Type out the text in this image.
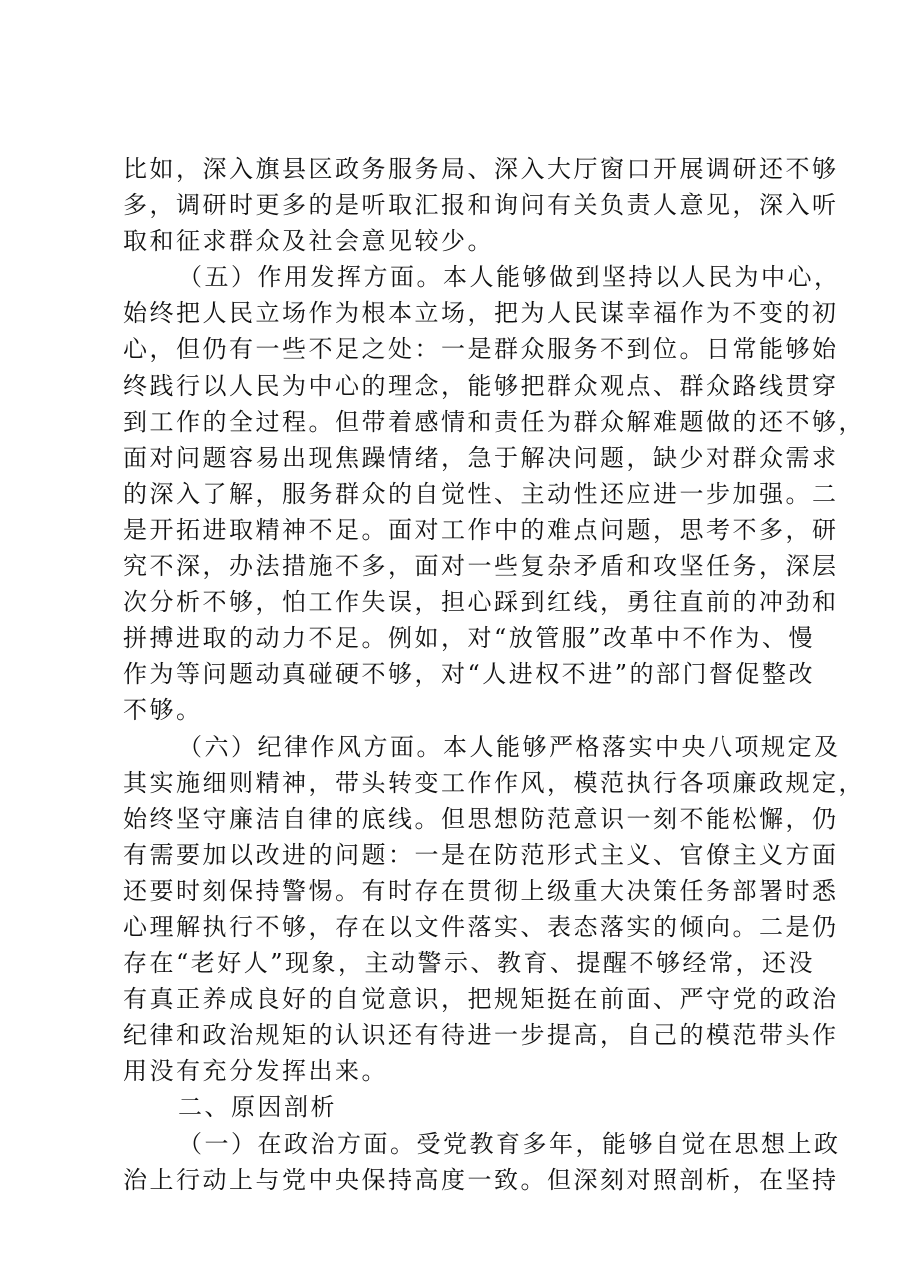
比如，深入旗县区政务服务局、深入大厅窗口开展调研还不够
多，调研时更多的是听取汇报和询问有关负责人意见，深入听
取和征求群众及社会意见较少。
（五）作用发挥方面。本人能够做到坚持以人民为中心，
始终把人民立场作为根本立场，把为人民谋幸福作为不变的初
心，但仍有一些不足之处：一是群众服务不到位。日常能够始
终践行以人民为中心的理念，能够把群众观点、群众路线贯穿
到工作的全过程。但带着感情和责任为群众解难题做的还不够，
面对问题容易出现焦躁情绪，急于解决问题，缺少对群众需求
的深入了解，服务群众的自觉性、主动性还应进一步加强。二
是开拓进取精神不足。面对工作中的难点问题，思考不多，研
究不深，办法措施不多，面对一些复杂矛盾和攻坚任务，深层
次分析不够，怕工作失误，担心踩到红线，勇往直前的冲劲和
拼搏进取的动力不足。例如，对“放管服”改革中不作为、慢
作为等问题动真碰硬不够，对“人进权不进”的部门督促整改
不够。
（六）纪律作风方面。本人能够严格落实中央八项规定及
其实施细则精神，带头转变工作作风，模范执行各项廉政规定，
始终坚守廉洁自律的底线。但思想防范意识一刻不能松懈，仍
有需要加以改进的问题：一是在防范形式主义、官僚主义方面
还要时刻保持警惕。有时存在贯彻上级重大决策任务部署时悉
心理解执行不够，存在以文件落实、表态落实的倾向。二是仍
存在“老好人”现象，主动警示、教育、提醒不够经常，还没
有真正养成良好的自觉意识，把规矩挺在前面、严守党的政治
纪律和政治规矩的认识还有待进一步提高，自己的模范带头作
用没有充分发挥出来。
二、原因剖析
（一）在政治方面。受党教育多年，能够自觉在思想上政
治上行动上与党中央保持高度一致。但深刻对照剖析，在坚持
